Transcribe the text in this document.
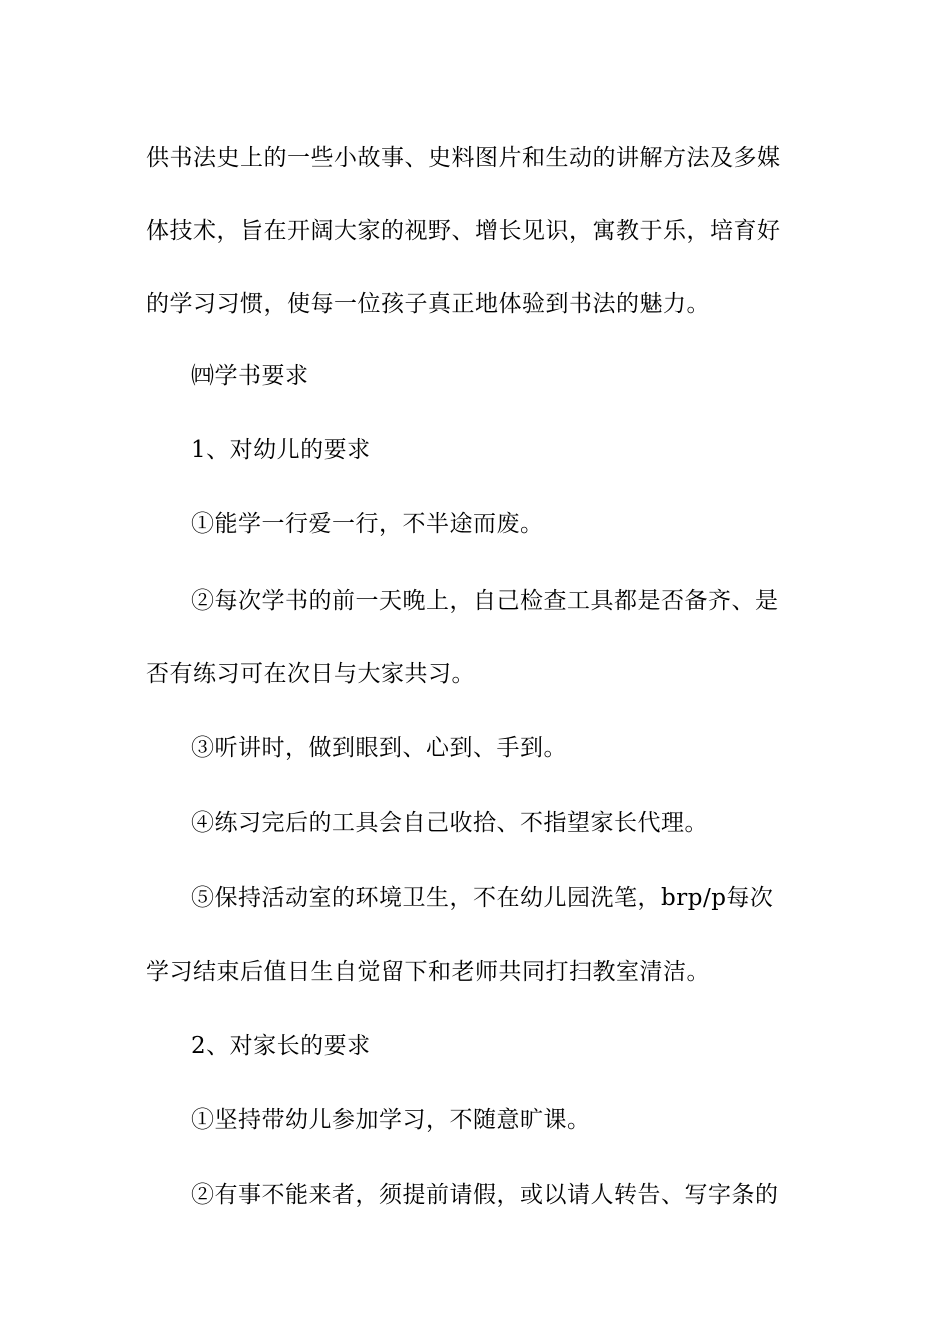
供书法史上的一些小故事、史料图片和生动的讲解方法及多媒
体技术，旨在开阔大家的视野、增长见识，寓教于乐，培育好
的学习习惯，使每一位孩子真正地体验到书法的魅力。
㈣学书要求
1、对幼儿的要求
①能学一行爱一行，不半途而废。
②每次学书的前一天晚上，自己检查工具都是否备齐、是
否有练习可在次日与大家共习。
③听讲时，做到眼到、心到、手到。
④练习完后的工具会自己收拾、不指望家长代理。
⑤保持活动室的环境卫生，不在幼儿园洗笔，brp/p每次
学习结束后值日生自觉留下和老师共同打扫教室清洁。
2、对家长的要求
①坚持带幼儿参加学习，不随意旷课。
②有事不能来者，须提前请假，或以请人转告、写字条的
